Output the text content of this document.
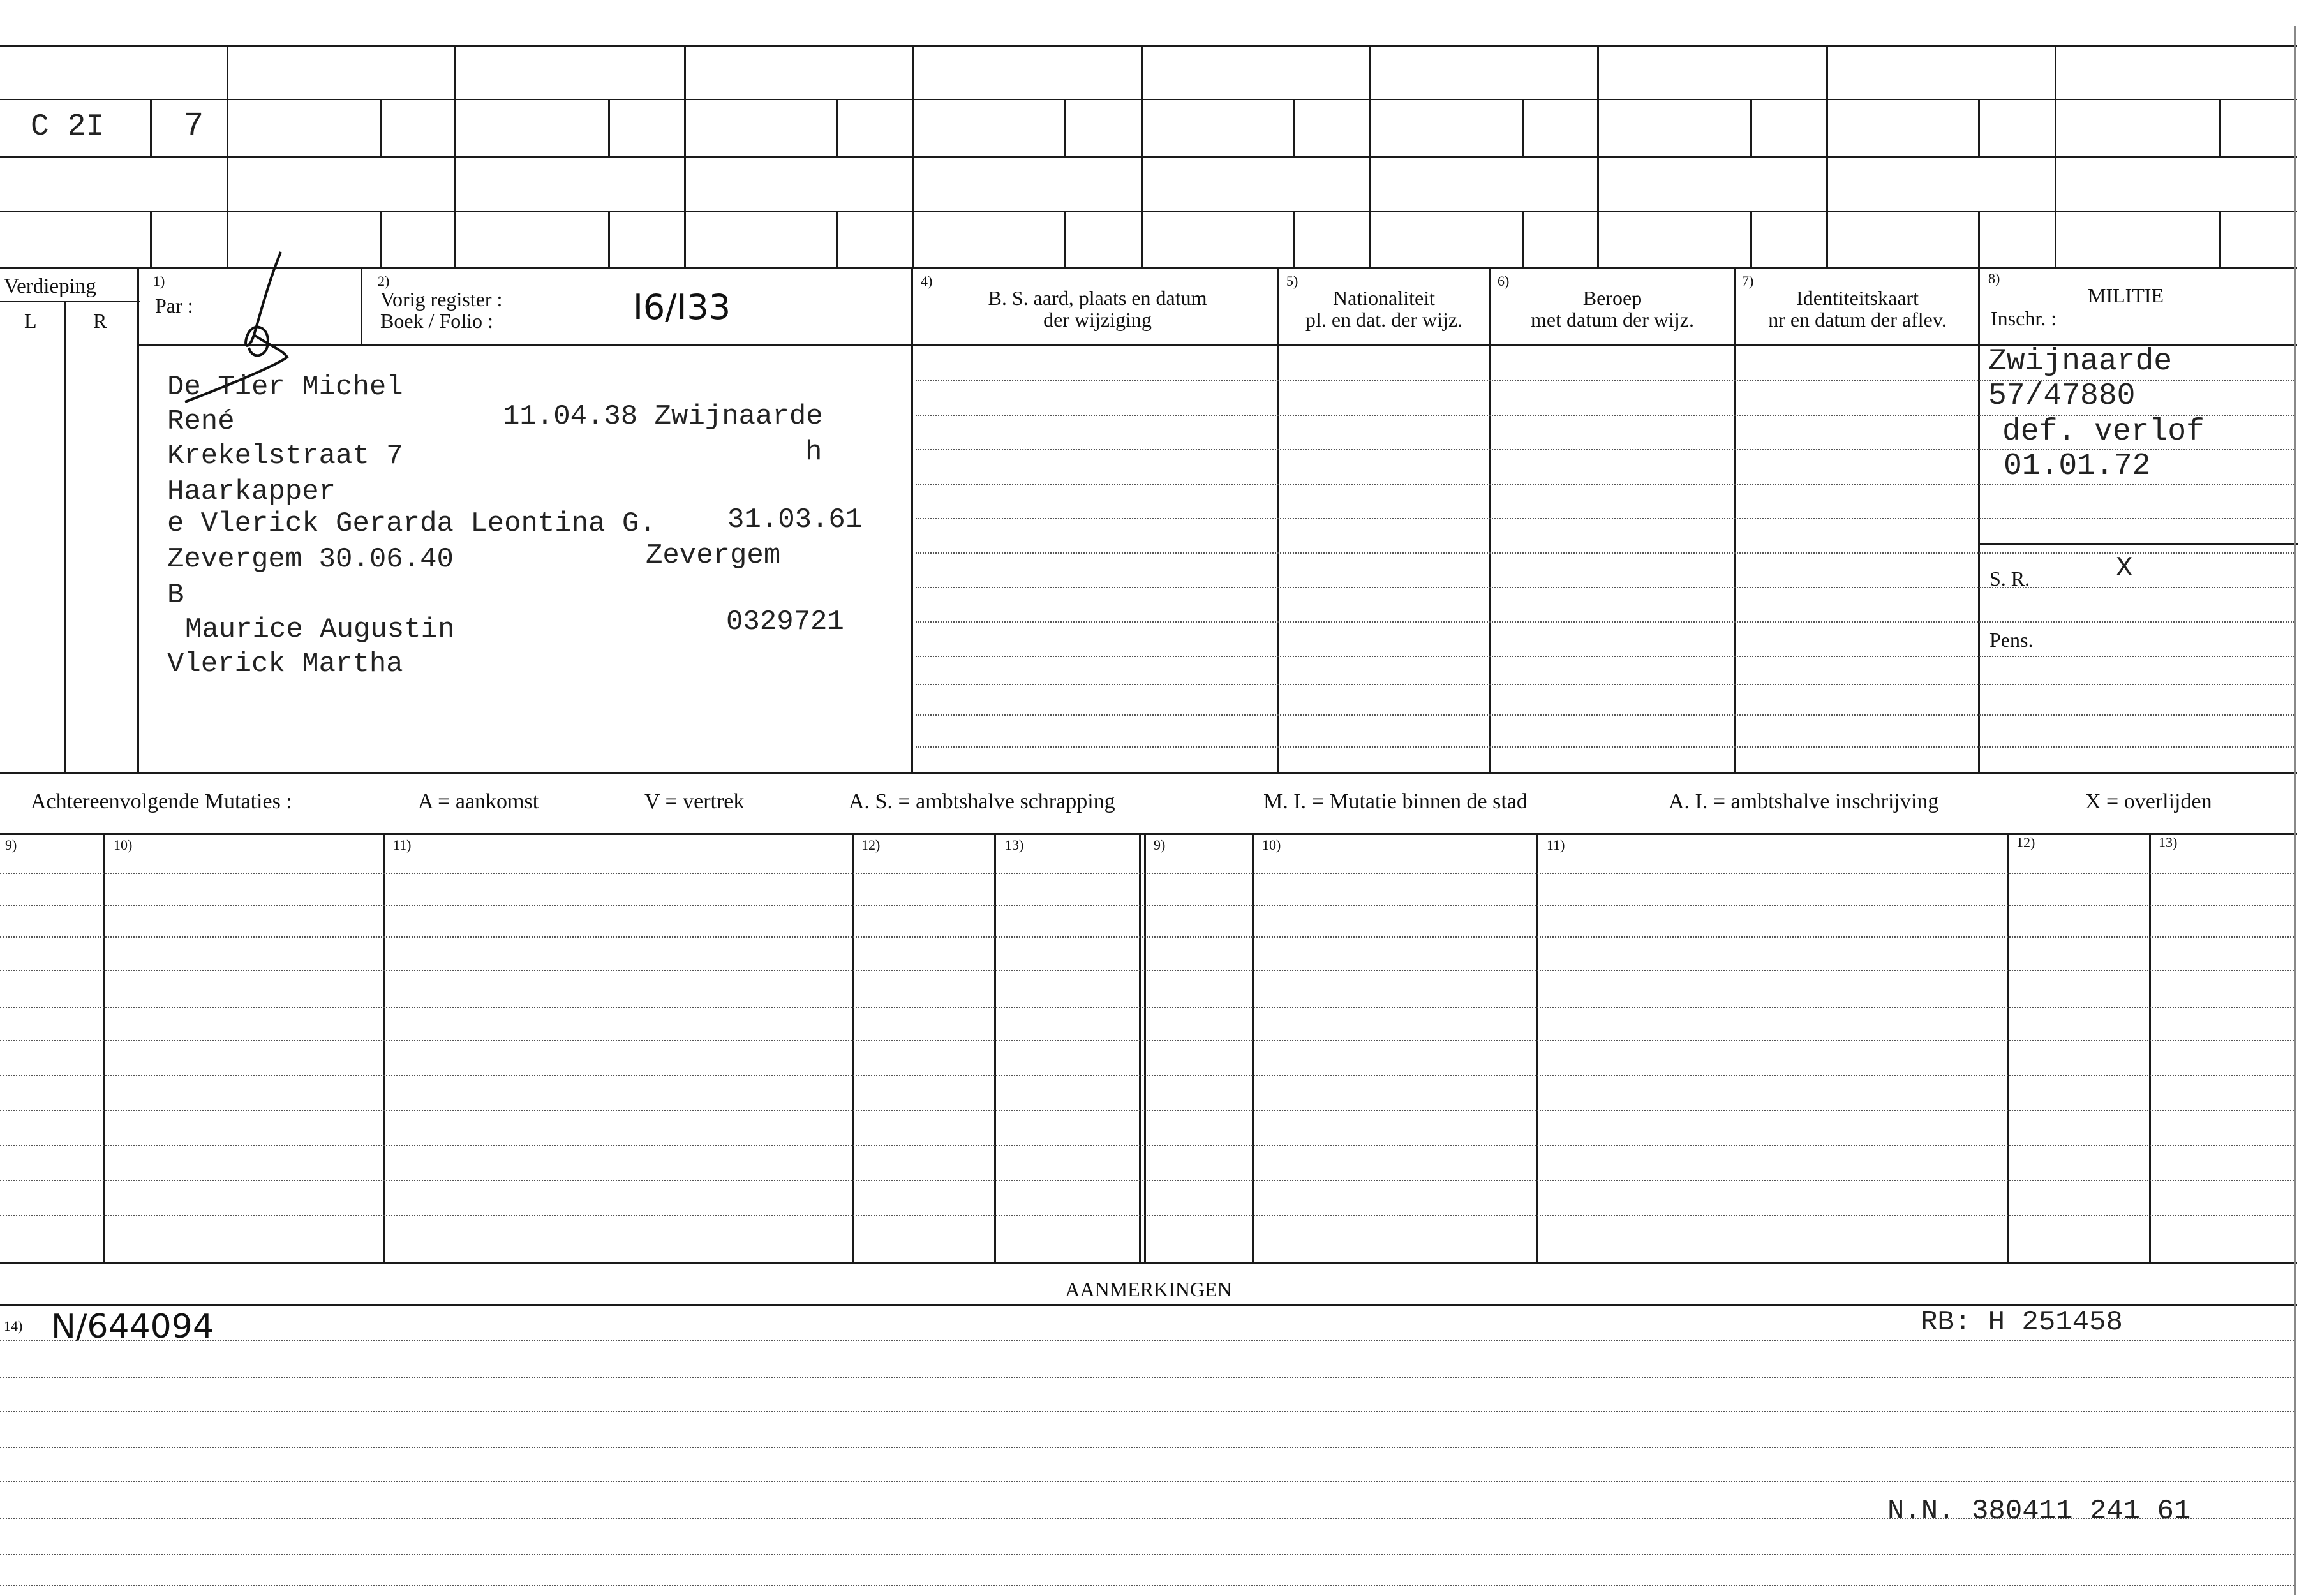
C 2I 7
Verdieping
L	R
1)
Par :
2)
Vorig register :
Boek / Folio :	I6/I33
4)
B. S. aard, plaats en datum
der wijziging
5)
Nationaliteit
pl. en dat. der wijz.
6)
Beroep
met datum der wijz.
7)
Identiteitskaart
nr en datum der aflev.
8)
MILITIE
Inschr. :
De Tier Michel
René	11.04.38 Zwijnaarde
Krekelstraat 7	h
Haarkapper
e Vlerick Gerarda Leontina G.	31.03.61
Zevergem 30.06.40	Zevergem
B
Maurice Augustin	0329721
Vlerick Martha
Zwijnaarde
57/47880
def. verlof
01.01.72
S. R.	X
Pens.
Achtereenvolgende Mutaties :	A = aankomst	V = vertrek	A. S. = ambtshalve schrapping	M. I. = Mutatie binnen de stad	A. I. = ambtshalve inschrijving	X = overlijden
9)	10)	11)	12)	13)	9)	10)	11)	12)	13)
AANMERKINGEN
14) N/644094	RB: H 251458
N.N. 380411 241 61
